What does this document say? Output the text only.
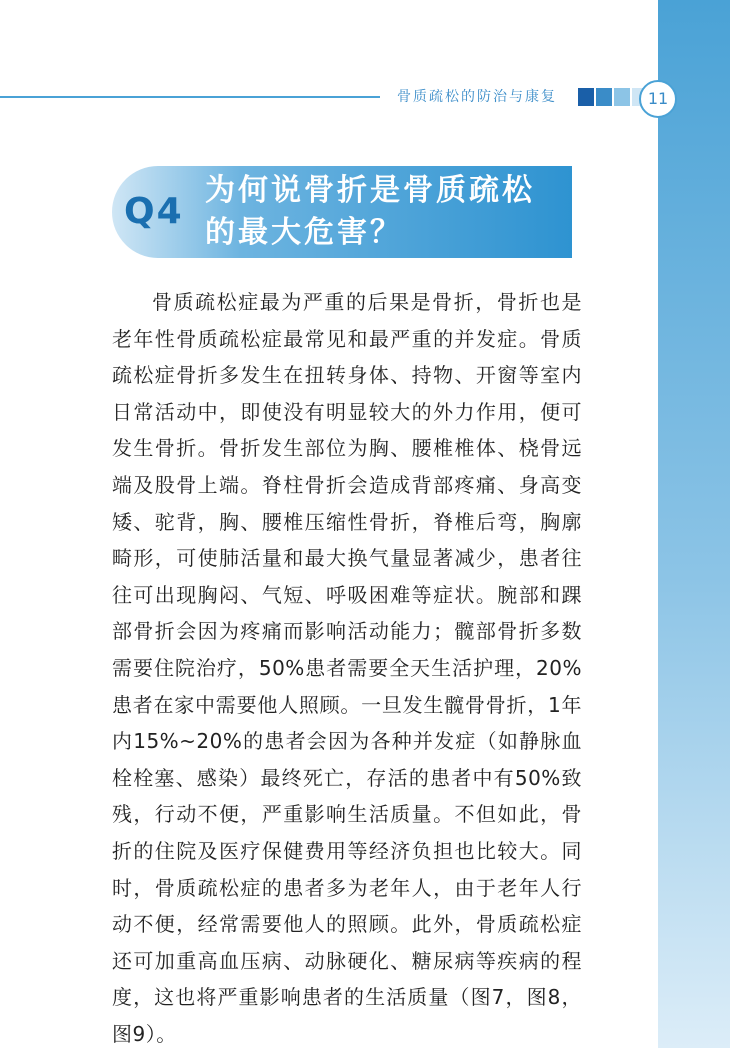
骨质疏松的防治与康复	11
Q4
为何说骨折是骨质疏松的最大危害？

骨质疏松症最为严重的后果是骨折，骨折也是老年性骨质疏松症最常见和最严重的并发症。骨质疏松症骨折多发生在扭转身体、持物、开窗等室内日常活动中，即使没有明显较大的外力作用，便可发生骨折。骨折发生部位为胸、腰椎椎体、桡骨远端及股骨上端。脊柱骨折会造成背部疼痛、身高变矮、驼背，胸、腰椎压缩性骨折，脊椎后弯，胸廓畸形，可使肺活量和最大换气量显著减少，患者往往可出现胸闷、气短、呼吸困难等症状。腕部和踝部骨折会因为疼痛而影响活动能力；髋部骨折多数需要住院治疗，50%患者需要全天生活护理，20%患者在家中需要他人照顾。一旦发生髋骨骨折，1年内15%~20%的患者会因为各种并发症（如静脉血栓栓塞、感染）最终死亡，存活的患者中有50%致残，行动不便，严重影响生活质量。不但如此，骨折的住院及医疗保健费用等经济负担也比较大。同时，骨质疏松症的患者多为老年人，由于老年人行动不便，经常需要他人的照顾。此外，骨质疏松症还可加重高血压病、动脉硬化、糖尿病等疾病的程度，这也将严重影响患者的生活质量（图7，图8，图9）。
